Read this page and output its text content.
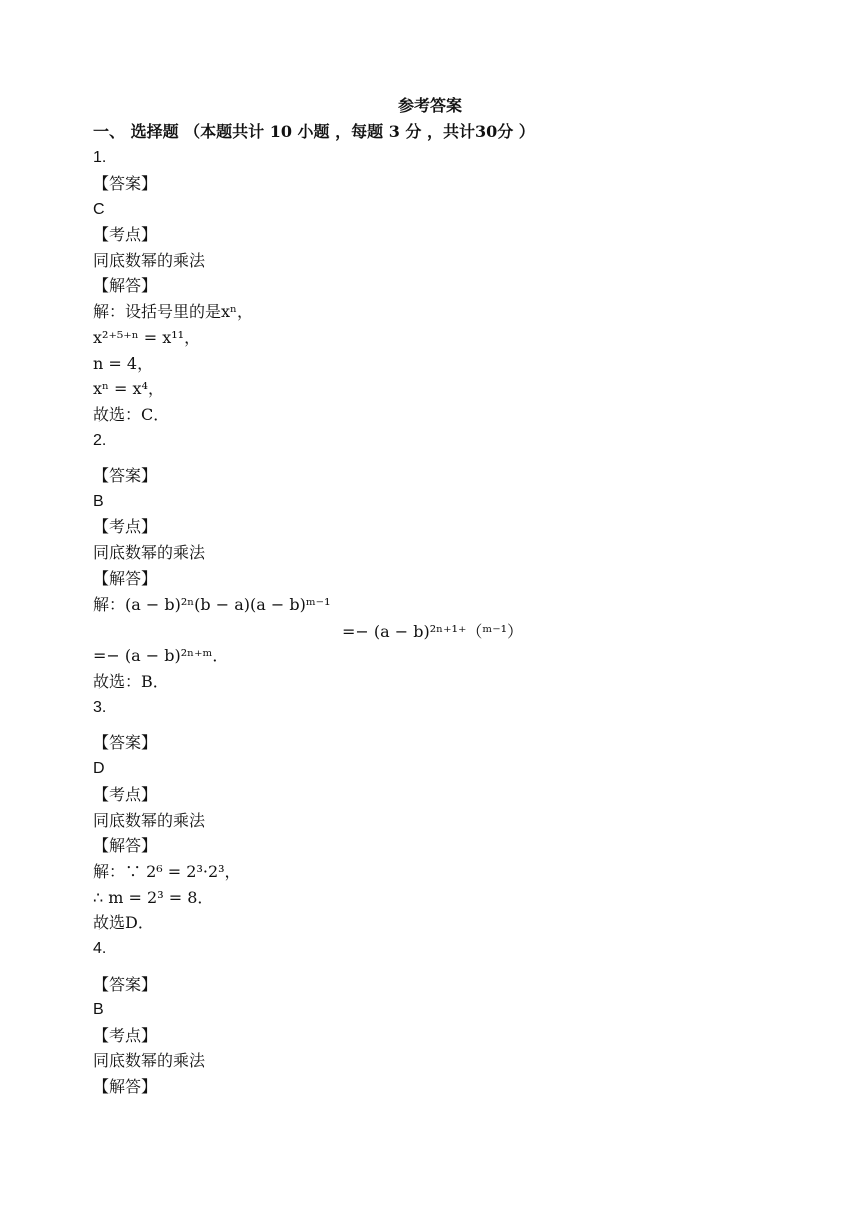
参考答案
一、 选择题 （本题共计 10 小题 ，每题 3 分 ，共计30分 ）
1.
【答案】
C
【考点】
同底数幂的乘法
【解答】
解：设括号里的是xⁿ，
x²⁺⁵⁺ⁿ = x¹¹，
n = 4，
xⁿ = x⁴，
故选：C．
2.
【答案】
B
【考点】
同底数幂的乘法
【解答】
解：(a − b)²ⁿ(b − a)(a − b)ᵐ⁻¹
=− (a − b)²ⁿ⁺¹⁺（ᵐ⁻¹）
=− (a − b)²ⁿ⁺ᵐ．
故选：B．
3.
【答案】
D
【考点】
同底数幂的乘法
【解答】
解：∵ 2⁶ = 2³·2³，
∴ m = 2³ = 8．
故选D．
4.
【答案】
B
【考点】
同底数幂的乘法
【解答】
